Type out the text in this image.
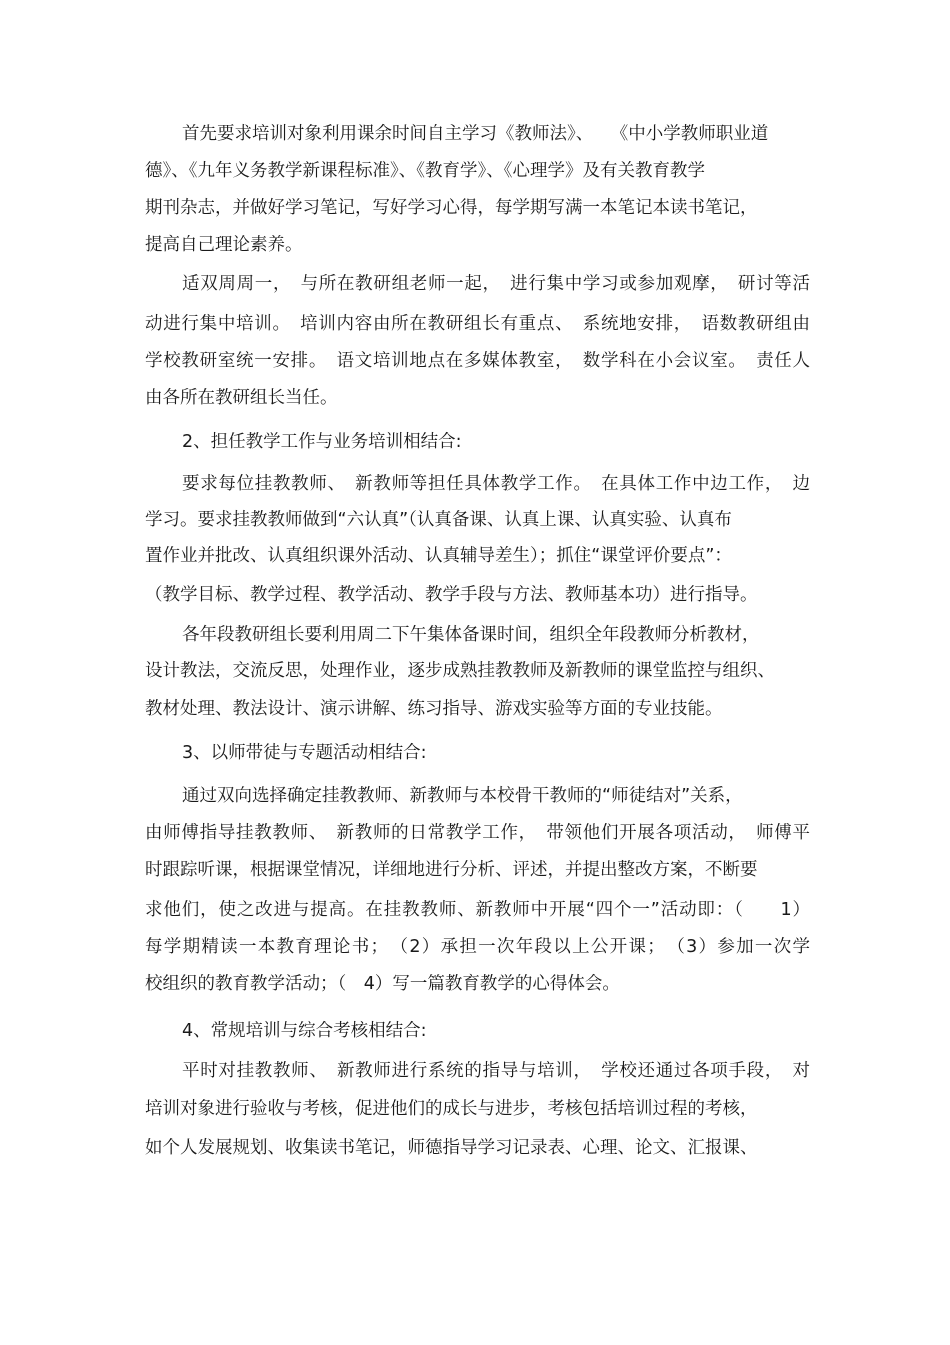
首先要求培训对象利用课余时间自主学习《教师法》、　　《中小学教师职业道
德》、《九年义务教学新课程标准》、《教育学》、《心理学》及有关教育教学
期刊杂志，并做好学习笔记，写好学习心得，每学期写满一本笔记本读书笔记，
提高自己理论素养。
适双周周一，　与所在教研组老师一起，　进行集中学习或参加观摩，　研讨等活
动进行集中培训。　培训内容由所在教研组长有重点、　系统地安排，　语数教研组由
学校教研室统一安排。　语文培训地点在多媒体教室，　数学科在小会议室。　责任人
由各所在教研组长当任。
2、担任教学工作与业务培训相结合:
要求每位挂教教师、　新教师等担任具体教学工作。　在具体工作中边工作，　边
学习。要求挂教教师做到“六认真”（认真备课、认真上课、认真实验、认真布
置作业并批改、认真组织课外活动、认真辅导差生）；抓住“课堂评价要点”：
（教学目标、教学过程、教学活动、教学手段与方法、教师基本功）进行指导。
各年段教研组长要利用周二下午集体备课时间，组织全年段教师分析教材，
设计教法，交流反思，处理作业，逐步成熟挂教教师及新教师的课堂监控与组织、
教材处理、教法设计、演示讲解、练习指导、游戏实验等方面的专业技能。
3、以师带徒与专题活动相结合:
通过双向选择确定挂教教师、新教师与本校骨干教师的“师徒结对”关系，
由师傅指导挂教教师、　新教师的日常教学工作，　带领他们开展各项活动，　师傅平
时跟踪听课，根据课堂情况，详细地进行分析、评述，并提出整改方案，不断要
求他们，使之改进与提高。在挂教教师、新教师中开展“四个一”活动即：（　　1）
每学期精读一本教育理论书；　（2）承担一次年段以上公开课；　（3）参加一次学
校组织的教育教学活动；（　4）写一篇教育教学的心得体会。
4、常规培训与综合考核相结合:
平时对挂教教师、　新教师进行系统的指导与培训，　学校还通过各项手段，　对
培训对象进行验收与考核，促进他们的成长与进步，考核包括培训过程的考核，
如个人发展规划、收集读书笔记，师德指导学习记录表、心理、论文、汇报课、
